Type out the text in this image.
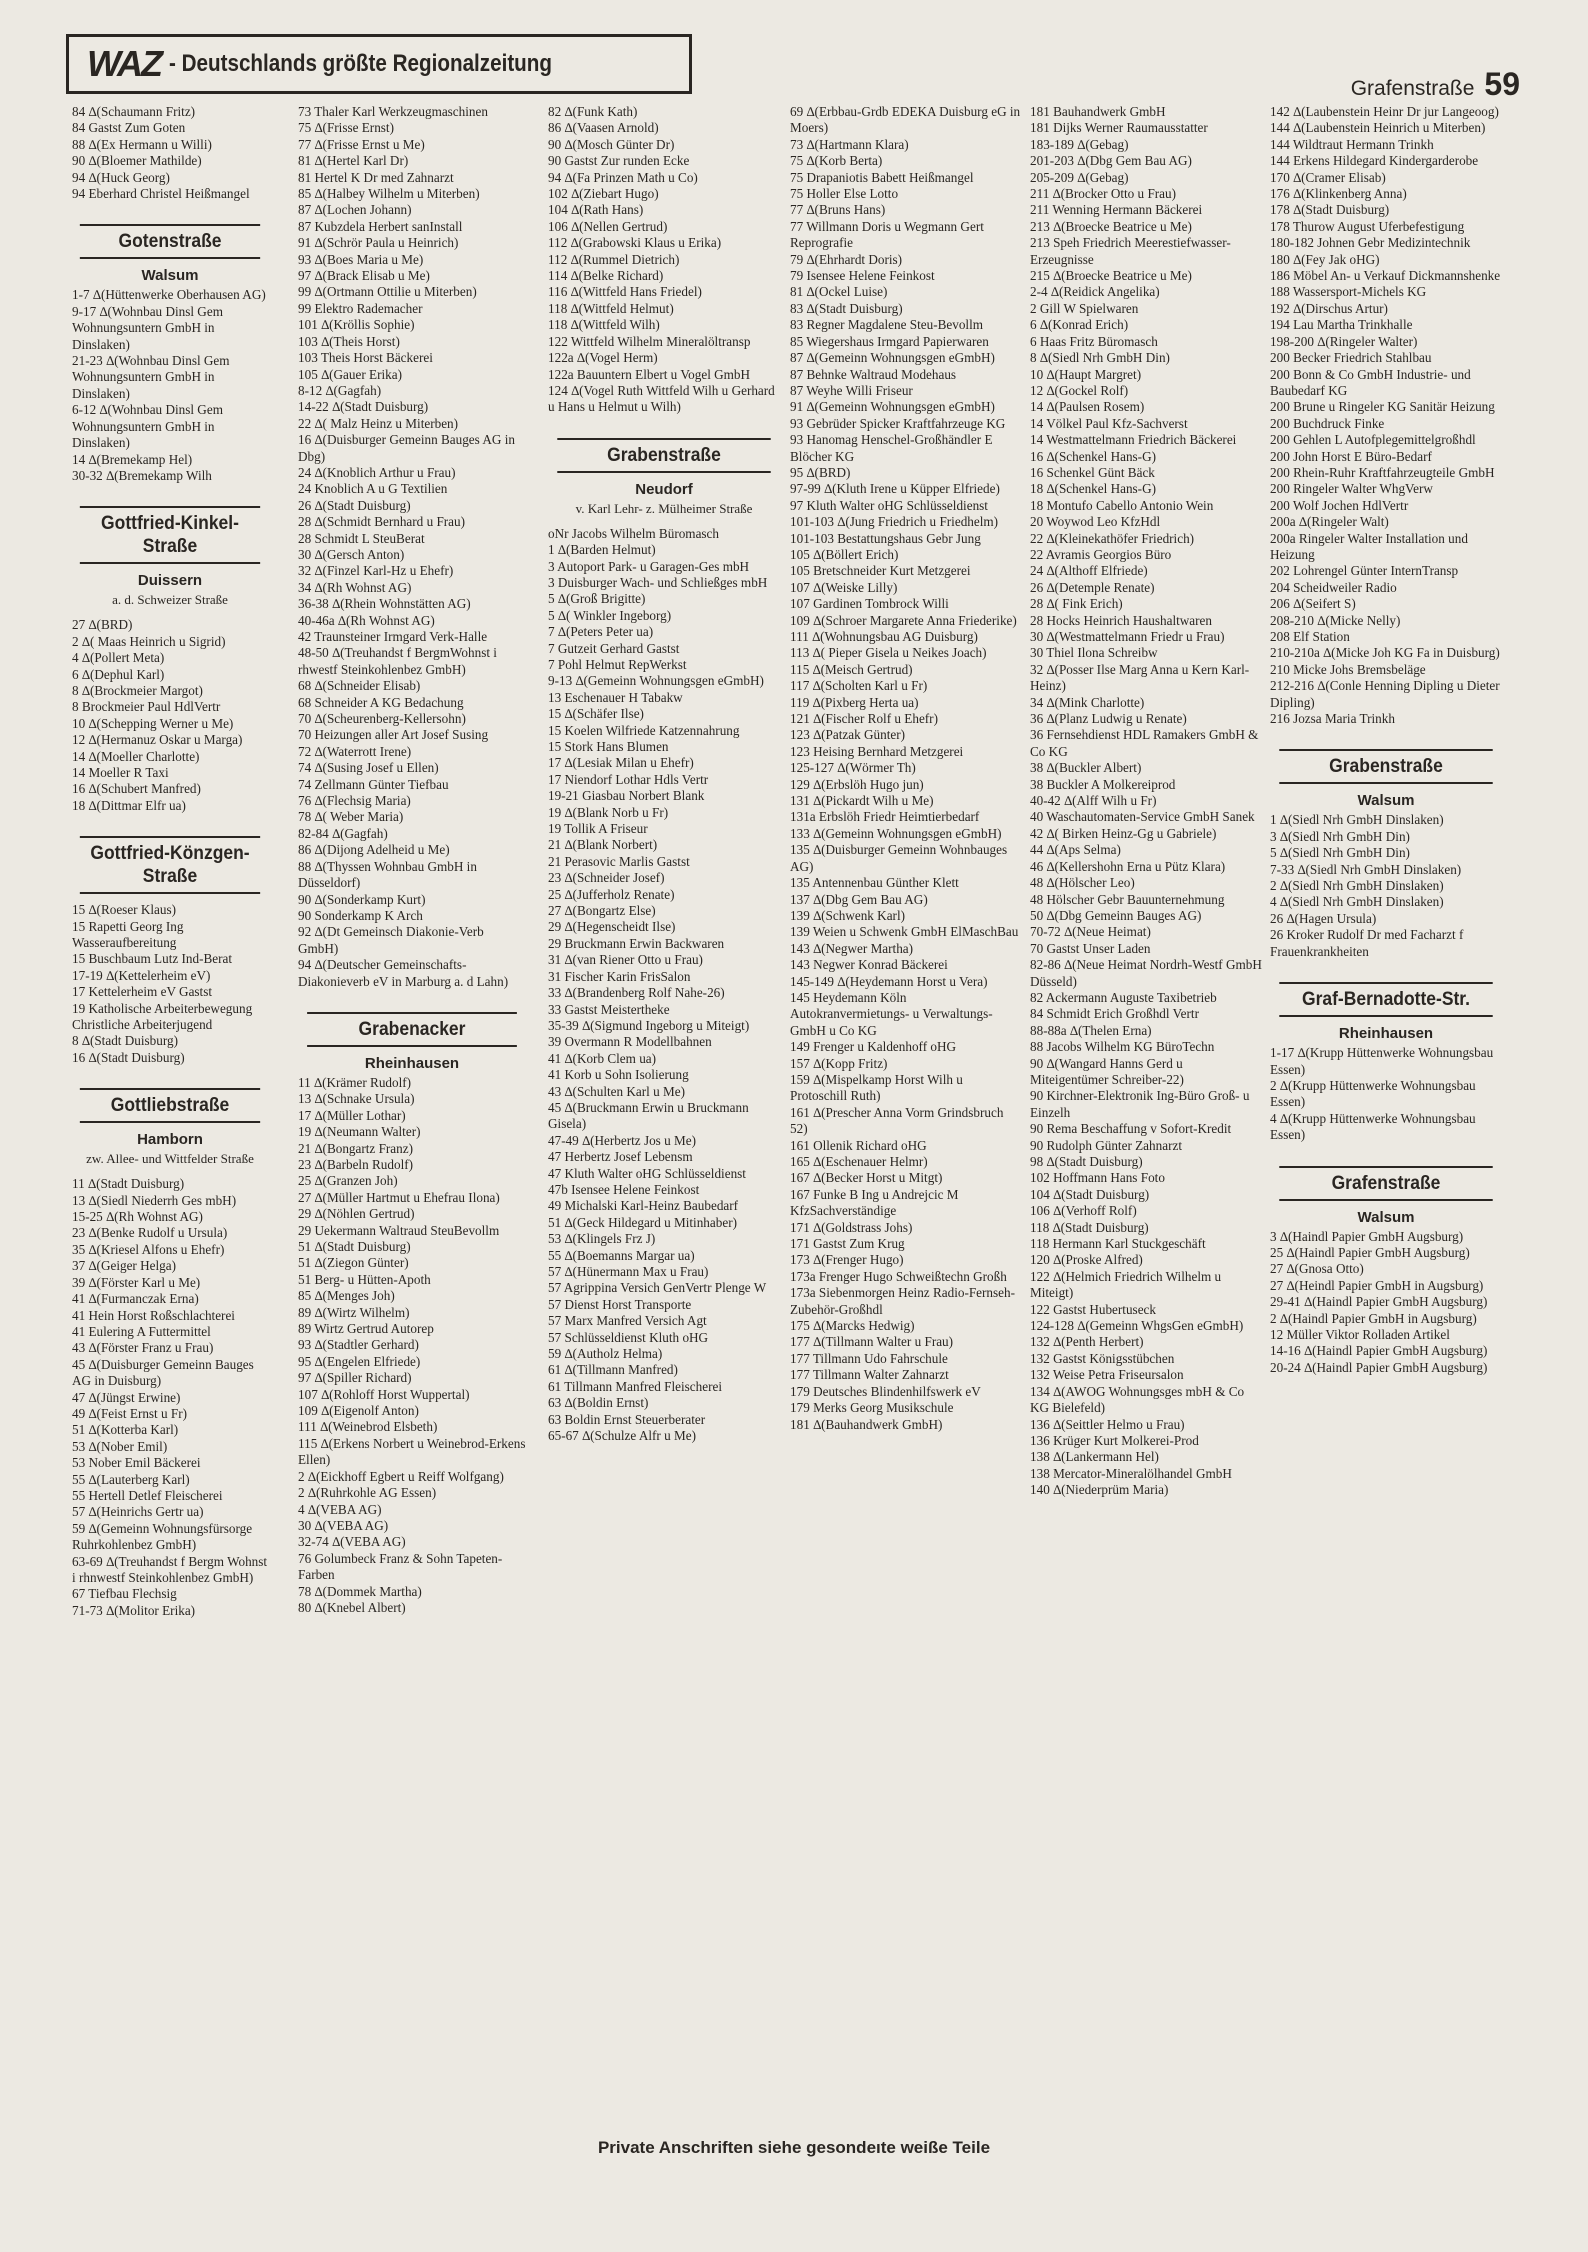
WAZ - Deutschlands größte Regionalzeitung
Grafenstraße 59
84 ∆(Schaumann Fritz)
84 Gastst Zum Goten
88 ∆(Ex Hermann u Willi)
90 ∆(Bloemer Mathilde)
94 ∆(Huck Georg)
94 Eberhard Christel Heißmangel
Gotenstraße
Walsum
1-7 ∆(Hüttenwerke Oberhausen AG)
9-17 ∆(Wohnbau Dinsl Gem Wohnungsuntern GmbH in Dinslaken)
21-23 ∆(Wohnbau Dinsl Gem Wohnungsuntern GmbH in Dinslaken)
6-12 ∆(Wohnbau Dinsl Gem Wohnungsuntern GmbH in Dinslaken)
14 ∆(Bremekamp Hel)
30-32 ∆(Bremekamp Wilh
Gottfried-Kinkel-Straße
Duissern
a. d. Schweizer Straße
27 ∆(BRD)
2 ∆( Maas Heinrich u Sigrid)
4 ∆(Pollert Meta)
6 ∆(Dephul Karl)
8 ∆(Brockmeier Margot)
8 Brockmeier Paul HdlVertr
10 ∆(Schepping Werner u Me)
12 ∆(Hermanuz Oskar u Marga)
14 ∆(Moeller Charlotte)
14 Moeller R Taxi
16 ∆(Schubert Manfred)
18 ∆(Dittmar Elfr ua)
Gottfried-Könzgen-Straße
15 ∆(Roeser Klaus)
15 Rapetti Georg Ing Wasseraufbereitung
15 Buschbaum Lutz Ind-Berat
17-19 ∆(Kettelerheim eV)
17 Kettelerheim eV Gastst
19 Katholische Arbeiterbewegung Christliche Arbeiterjugend
8 ∆(Stadt Duisburg)
16 ∆(Stadt Duisburg)
Gottliebstraße
Hamborn
zw. Allee- und Wittfelder Straße
11 ∆(Stadt Duisburg)
13 ∆(Siedl Niederrh Ges mbH)
15-25 ∆(Rh Wohnst AG)
23 ∆(Benke Rudolf u Ursula)
35 ∆(Kriesel Alfons u Ehefr)
37 ∆(Geiger Helga)
39 ∆(Förster Karl u Me)
41 ∆(Furmanczak Erna)
41 Hein Horst Roßschlachterei
41 Eulering A Futtermittel
43 ∆(Förster Franz u Frau)
45 ∆(Duisburger Gemeinn Bauges AG in Duisburg)
47 ∆(Jüngst Erwine)
49 ∆(Feist Ernst u Fr)
51 ∆(Kotterba Karl)
53 ∆(Nober Emil)
53 Nober Emil Bäckerei
55 ∆(Lauterberg Karl)
55 Hertell Detlef Fleischerei
57 ∆(Heinrichs Gertr ua)
59 ∆(Gemeinn Wohnungsfürsorge Ruhrkohlenbez GmbH)
63-69 ∆(Treuhandst f Bergm Wohnst i rhnwestf Steinkohlenbez GmbH)
67 Tiefbau Flechsig
71-73 ∆(Molitor Erika)
73 Thaler Karl Werkzeugmaschinen
75 ∆(Frisse Ernst)
77 ∆(Frisse Ernst u Me)
81 ∆(Hertel Karl Dr)
81 Hertel K Dr med Zahnarzt
85 ∆(Halbey Wilhelm u Miterben)
87 ∆(Lochen Johann)
87 Kubzdela Herbert sanInstall
91 ∆(Schrör Paula u Heinrich)
93 ∆(Boes Maria u Me)
97 ∆(Brack Elisab u Me)
99 ∆(Ortmann Ottilie u Miterben)
99 Elektro Rademacher
101 ∆(Kröllis Sophie)
103 ∆(Theis Horst)
103 Theis Horst Bäckerei
105 ∆(Gauer Erika)
8-12 ∆(Gagfah)
14-22 ∆(Stadt Duisburg)
22 ∆( Malz Heinz u Miterben)
16 ∆(Duisburger Gemeinn Bauges AG in Dbg)
24 ∆(Knoblich Arthur u Frau)
24 Knoblich A u G Textilien
26 ∆(Stadt Duisburg)
28 ∆(Schmidt Bernhard u Frau)
28 Schmidt L SteuBerat
30 ∆(Gersch Anton)
32 ∆(Finzel Karl-Hz u Ehefr)
34 ∆(Rh Wohnst AG)
36-38 ∆(Rhein Wohnstätten AG)
40-46a ∆(Rh Wohnst AG)
42 Traunsteiner Irmgard Verk-Halle
48-50 ∆(Treuhandst f BergmWohnst i rhwestf Steinkohlenbez GmbH)
68 ∆(Schneider Elisab)
68 Schneider A KG Bedachung
70 ∆(Scheurenberg-Kellersohn)
70 Heizungen aller Art Josef Susing
72 ∆(Waterrott Irene)
74 ∆(Susing Josef u Ellen)
74 Zellmann Günter Tiefbau
76 ∆(Flechsig Maria)
78 ∆( Weber Maria)
82-84 ∆(Gagfah)
86 ∆(Dijong Adelheid u Me)
88 ∆(Thyssen Wohnbau GmbH in Düsseldorf)
90 ∆(Sonderkamp Kurt)
90 Sonderkamp K Arch
92 ∆(Dt Gemeinsch Diakonie-Verb GmbH)
94 ∆(Deutscher Gemeinschafts-Diakonieverb eV in Marburg a. d Lahn)
Grabenacker
Rheinhausen
11 ∆(Krämer Rudolf)
13 ∆(Schnake Ursula)
17 ∆(Müller Lothar)
19 ∆(Neumann Walter)
21 ∆(Bongartz Franz)
23 ∆(Barbeln Rudolf)
25 ∆(Granzen Joh)
27 ∆(Müller Hartmut u Ehefrau Ilona)
29 ∆(Nöhlen Gertrud)
29 Uekermann Waltraud SteuBevollm
51 ∆(Stadt Duisburg)
51 ∆(Ziegon Günter)
51 Berg- u Hütten-Apoth
85 ∆(Menges Joh)
89 ∆(Wirtz Wilhelm)
89 Wirtz Gertrud Autorep
93 ∆(Stadtler Gerhard)
95 ∆(Engelen Elfriede)
97 ∆(Spiller Richard)
107 ∆(Rohloff Horst Wuppertal)
109 ∆(Eigenolf Anton)
111 ∆(Weinebrod Elsbeth)
115 ∆(Erkens Norbert u Weinebrod-Erkens Ellen)
2 ∆(Eickhoff Egbert u Reiff Wolfgang)
2 ∆(Ruhrkohle AG Essen)
4 ∆(VEBA AG)
30 ∆(VEBA AG)
32-74 ∆(VEBA AG)
76 Golumbeck Franz & Sohn Tapeten-Farben
78 ∆(Dommek Martha)
80 ∆(Knebel Albert)
82 ∆(Funk Kath)
86 ∆(Vaasen Arnold)
90 ∆(Mosch Günter Dr)
90 Gastst Zur runden Ecke
94 ∆(Fa Prinzen Math u Co)
102 ∆(Ziebart Hugo)
104 ∆(Rath Hans)
106 ∆(Nellen Gertrud)
112 ∆(Grabowski Klaus u Erika)
112 ∆(Rummel Dietrich)
114 ∆(Belke Richard)
116 ∆(Wittfeld Hans Friedel)
118 ∆(Wittfeld Helmut)
118 ∆(Wittfeld Wilh)
122 Wittfeld Wilhelm Mineralöltransp
122a ∆(Vogel Herm)
122a Bauuntern Elbert u Vogel GmbH
124 ∆(Vogel Ruth Wittfeld Wilh u Gerhard u Hans u Helmut u Wilh)
Grabenstraße
Neudorf
v. Karl Lehr- z. Mülheimer Straße
oNr Jacobs Wilhelm Büromasch
1 ∆(Barden Helmut)
3 Autoport Park- u Garagen-Ges mbH
3 Duisburger Wach- und Schließges mbH
5 ∆(Groß Brigitte)
5 ∆( Winkler Ingeborg)
7 ∆(Peters Peter ua)
7 Gutzeit Gerhard Gastst
7 Pohl Helmut RepWerkst
9-13 ∆(Gemeinn Wohnungsgen eGmbH)
13 Eschenauer H Tabakw
15 ∆(Schäfer Ilse)
15 Koelen Wilfriede Katzennahrung
15 Stork Hans Blumen
17 ∆(Lesiak Milan u Ehefr)
17 Niendorf Lothar Hdls Vertr
19-21 Giasbau Norbert Blank
19 ∆(Blank Norb u Fr)
19 Tollik A Friseur
21 ∆(Blank Norbert)
21 Perasovic Marlis Gastst
23 ∆(Schneider Josef)
25 ∆(Jufferholz Renate)
27 ∆(Bongartz Else)
29 ∆(Hegenscheidt Ilse)
29 Bruckmann Erwin Backwaren
31 ∆(van Riener Otto u Frau)
31 Fischer Karin FrisSalon
33 ∆(Brandenberg Rolf Nahe-26)
33 Gastst Meistertheke
35-39 ∆(Sigmund Ingeborg u Miteigt)
39 Overmann R Modellbahnen
41 ∆(Korb Clem ua)
41 Korb u Sohn Isolierung
43 ∆(Schulten Karl u Me)
45 ∆(Bruckmann Erwin u Bruckmann Gisela)
47-49 ∆(Herbertz Jos u Me)
47 Herbertz Josef Lebensm
47 Kluth Walter oHG Schlüsseldienst
47b Isensee Helene Feinkost
49 Michalski Karl-Heinz Baubedarf
51 ∆(Geck Hildegard u Mitinhaber)
53 ∆(Klingels Frz J)
55 ∆(Boemanns Margar ua)
57 ∆(Hünermann Max u Frau)
57 Agrippina Versich GenVertr Plenge W
57 Dienst Horst Transporte
57 Marx Manfred Versich Agt
57 Schlüsseldienst Kluth oHG
59 ∆(Autholz Helma)
61 ∆(Tillmann Manfred)
61 Tillmann Manfred Fleischerei
63 ∆(Boldin Ernst)
63 Boldin Ernst Steuerberater
65-67 ∆(Schulze Alfr u Me)
69 ∆(Erbbau-Grdb EDEKA Duisburg eG in Moers)
73 ∆(Hartmann Klara)
75 ∆(Korb Berta)
75 Drapaniotis Babett Heißmangel
75 Holler Else Lotto
77 ∆(Bruns Hans)
77 Willmann Doris u Wegmann Gert Reprografie
79 ∆(Ehrhardt Doris)
79 Isensee Helene Feinkost
81 ∆(Ockel Luise)
83 ∆(Stadt Duisburg)
83 Regner Magdalene Steu-Bevollm
85 Wiegershaus Irmgard Papierwaren
87 ∆(Gemeinn Wohnungsgen eGmbH)
87 Behnke Waltraud Modehaus
87 Weyhe Willi Friseur
91 ∆(Gemeinn Wohnungsgen eGmbH)
93 Gebrüder Spicker Kraftfahrzeuge KG
93 Hanomag Henschel-Großhändler E Blöcher KG
95 ∆(BRD)
97-99 ∆(Kluth Irene u Küpper Elfriede)
97 Kluth Walter oHG Schlüsseldienst
101-103 ∆(Jung Friedrich u Friedhelm)
101-103 Bestattungshaus Gebr Jung
105 ∆(Böllert Erich)
105 Bretschneider Kurt Metzgerei
107 ∆(Weiske Lilly)
107 Gardinen Tombrock Willi
109 ∆(Schroer Margarete Anna Friederike)
111 ∆(Wohnungsbau AG Duisburg)
113 ∆( Pieper Gisela u Neikes Joach)
115 ∆(Meisch Gertrud)
117 ∆(Scholten Karl u Fr)
119 ∆(Pixberg Herta ua)
121 ∆(Fischer Rolf u Ehefr)
123 ∆(Patzak Günter)
123 Heising Bernhard Metzgerei
125-127 ∆(Wörmer Th)
129 ∆(Erbslöh Hugo jun)
131 ∆(Pickardt Wilh u Me)
131a Erbslöh Friedr Heimtierbedarf
133 ∆(Gemeinn Wohnungsgen eGmbH)
135 ∆(Duisburger Gemeinn Wohnbauges AG)
135 Antennenbau Günther Klett
137 ∆(Dbg Gem Bau AG)
139 ∆(Schwenk Karl)
139 Weien u Schwenk GmbH ElMaschBau
143 ∆(Negwer Martha)
143 Negwer Konrad Bäckerei
145-149 ∆(Heydemann Horst u Vera)
145 Heydemann Köln Autokranvermietungs- u Verwaltungs-GmbH u Co KG
149 Frenger u Kaldenhoff oHG
157 ∆(Kopp Fritz)
159 ∆(Mispelkamp Horst Wilh u Protoschill Ruth)
161 ∆(Prescher Anna Vorm Grindsbruch 52)
161 Ollenik Richard oHG
165 ∆(Eschenauer Helmr)
167 ∆(Becker Horst u Mitgt)
167 Funke B Ing u Andrejcic M KfzSachverständige
171 ∆(Goldstrass Johs)
171 Gastst Zum Krug
173 ∆(Frenger Hugo)
173a Frenger Hugo Schweißtechn Großh
173a Siebenmorgen Heinz Radio-Fernseh-Zubehör-Großhdl
175 ∆(Marcks Hedwig)
177 ∆(Tillmann Walter u Frau)
177 Tillmann Udo Fahrschule
177 Tillmann Walter Zahnarzt
179 Deutsches Blindenhilfswerk eV
179 Merks Georg Musikschule
181 ∆(Bauhandwerk GmbH)
181 Bauhandwerk GmbH
181 Dijks Werner Raumausstatter
183-189 ∆(Gebag)
201-203 ∆(Dbg Gem Bau AG)
205-209 ∆(Gebag)
211 ∆(Brocker Otto u Frau)
211 Wenning Hermann Bäckerei
213 ∆(Broecke Beatrice u Me)
213 Speh Friedrich Meerestiefwasser-Erzeugnisse
215 ∆(Broecke Beatrice u Me)
2-4 ∆(Reidick Angelika)
2 Gill W Spielwaren
6 ∆(Konrad Erich)
6 Haas Fritz Büromasch
8 ∆(Siedl Nrh GmbH Din)
10 ∆(Haupt Margret)
12 ∆(Gockel Rolf)
14 ∆(Paulsen Rosem)
14 Völkel Paul Kfz-Sachverst
14 Westmattelmann Friedrich Bäckerei
16 ∆(Schenkel Hans-G)
16 Schenkel Günt Bäck
18 ∆(Schenkel Hans-G)
18 Montufo Cabello Antonio Wein
20 Woywod Leo KfzHdl
22 ∆(Kleinekathöfer Friedrich)
22 Avramis Georgios Büro
24 ∆(Althoff Elfriede)
26 ∆(Detemple Renate)
28 ∆( Fink Erich)
28 Hocks Heinrich Haushaltwaren
30 ∆(Westmattelmann Friedr u Frau)
30 Thiel Ilona Schreibw
32 ∆(Posser Ilse Marg Anna u Kern Karl-Heinz)
34 ∆(Mink Charlotte)
36 ∆(Planz Ludwig u Renate)
36 Fernsehdienst HDL Ramakers GmbH & Co KG
38 ∆(Buckler Albert)
38 Buckler A Molkereiprod
40-42 ∆(Alff Wilh u Fr)
40 Waschautomaten-Service GmbH Sanek
42 ∆( Birken Heinz-Gg u Gabriele)
44 ∆(Aps Selma)
46 ∆(Kellershohn Erna u Pütz Klara)
48 ∆(Hölscher Leo)
48 Hölscher Gebr Bauunternehmung
50 ∆(Dbg Gemeinn Bauges AG)
70-72 ∆(Neue Heimat)
70 Gastst Unser Laden
82-86 ∆(Neue Heimat Nordrh-Westf GmbH Düsseld)
82 Ackermann Auguste Taxibetrieb
84 Schmidt Erich Großhdl Vertr
88-88a ∆(Thelen Erna)
88 Jacobs Wilhelm KG BüroTechn
90 ∆(Wangard Hanns Gerd u Miteigentümer Schreiber-22)
90 Kirchner-Elektronik Ing-Büro Groß- u Einzelh
90 Rema Beschaffung v Sofort-Kredit
90 Rudolph Günter Zahnarzt
98 ∆(Stadt Duisburg)
102 Hoffmann Hans Foto
104 ∆(Stadt Duisburg)
106 ∆(Verhoff Rolf)
118 ∆(Stadt Duisburg)
118 Hermann Karl Stuckgeschäft
120 ∆(Proske Alfred)
122 ∆(Helmich Friedrich Wilhelm u Miteigt)
122 Gastst Hubertuseck
124-128 ∆(Gemeinn WhgsGen eGmbH)
132 ∆(Penth Herbert)
132 Gastst Königsstübchen
132 Weise Petra Friseursalon
134 ∆(AWOG Wohnungsges mbH & Co KG Bielefeld)
136 ∆(Seittler Helmo u Frau)
136 Krüger Kurt Molkerei-Prod
138 ∆(Lankermann Hel)
138 Mercator-Mineralölhandel GmbH
140 ∆(Niederprüm Maria)
142 ∆(Laubenstein Heinr Dr jur Langeoog)
144 ∆(Laubenstein Heinrich u Miterben)
144 Wildtraut Hermann Trinkh
144 Erkens Hildegard Kindergarderobe
170 ∆(Cramer Elisab)
176 ∆(Klinkenberg Anna)
178 ∆(Stadt Duisburg)
178 Thurow August Uferbefestigung
180-182 Johnen Gebr Medizintechnik
180 ∆(Fey Jak oHG)
186 Möbel An- u Verkauf Dickmannshenke
188 Wassersport-Michels KG
192 ∆(Dirschus Artur)
194 Lau Martha Trinkhalle
198-200 ∆(Ringeler Walter)
200 Becker Friedrich Stahlbau
200 Bonn & Co GmbH Industrie- und Baubedarf KG
200 Brune u Ringeler KG Sanitär Heizung
200 Buchdruck Finke
200 Gehlen L Autofplegemittelgroßhdl
200 John Horst E Büro-Bedarf
200 Rhein-Ruhr Kraftfahrzeugteile GmbH
200 Ringeler Walter WhgVerw
200 Wolf Jochen HdlVertr
200a ∆(Ringeler Walt)
200a Ringeler Walter Installation und Heizung
202 Lohrengel Günter InternTransp
204 Scheidweiler Radio
206 ∆(Seifert S)
208-210 ∆(Micke Nelly)
208 Elf Station
210-210a ∆(Micke Joh KG Fa in Duisburg)
210 Micke Johs Bremsbeläge
212-216 ∆(Conle Henning Dipling u Dieter Dipling)
216 Jozsa Maria Trinkh
Grabenstraße
Walsum
1 ∆(Siedl Nrh GmbH Dinslaken)
3 ∆(Siedl Nrh GmbH Din)
5 ∆(Siedl Nrh GmbH Din)
7-33 ∆(Siedl Nrh GmbH Dinslaken)
2 ∆(Siedl Nrh GmbH Dinslaken)
4 ∆(Siedl Nrh GmbH Dinslaken)
26 ∆(Hagen Ursula)
26 Kroker Rudolf Dr med Facharzt f Frauenkrankheiten
Graf-Bernadotte-Str.
Rheinhausen
1-17 ∆(Krupp Hüttenwerke Wohnungsbau Essen)
2 ∆(Krupp Hüttenwerke Wohnungsbau Essen)
4 ∆(Krupp Hüttenwerke Wohnungsbau Essen)
Grafenstraße
Walsum
3 ∆(Haindl Papier GmbH Augsburg)
25 ∆(Haindl Papier GmbH Augsburg)
27 ∆(Gnosa Otto)
27 ∆(Heindl Papier GmbH in Augsburg)
29-41 ∆(Haindl Papier GmbH Augsburg)
2 ∆(Haindl Papier GmbH in Augsburg)
12 Müller Viktor Rolladen Artikel
14-16 ∆(Haindl Papier GmbH Augsburg)
20-24 ∆(Haindl Papier GmbH Augsburg)
Private Anschriften siehe gesondeıte weiße Teile
